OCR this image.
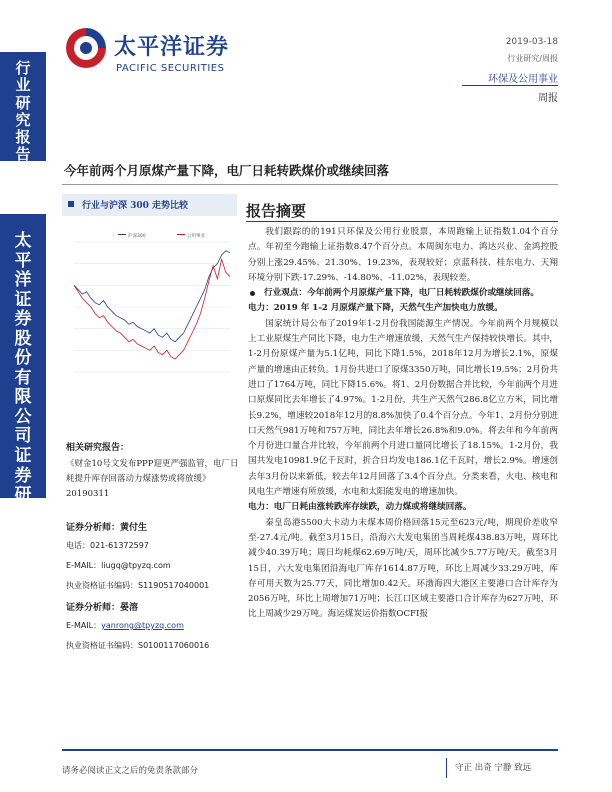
太平洋证券
PACIFIC SECURITIES
2019-03-18
行业研究/周报
环保及公用事业
周报
行业研究报告
太平洋证券股份有限公司证券研究报告
今年前两个月原煤产量下降，电厂日耗转跌煤价或继续回落
行业与沪深 300 走势比较
沪深300	公用事业
报告摘要

我们跟踪的的191只环保及公用行业股票，本周跑输上证指数1.04个百分点。年初至今跑输上证指数8.47个百分点。本周闽东电力、鸿达兴业、金鸿控股分别上涨29.45%、21.30%、19.23%，表现较好；京蓝科技、桂东电力、天翔环境分别下跌-17.29%、-14.80%、-11.02%，表现较差。

行业观点：今年前两个月原煤产量下降，电厂日耗转跌煤价或继续回落。

电力：2019 年 1-2 月原煤产量下降，天然气生产加快电力放缓。

国家统计局公布了2019年1-2月份我国能源生产情况。今年前两个月规模以上工业原煤生产同比下降，电力生产增速放缓，天然气生产保持较快增长。其中，1-2月份原煤产量为5.1亿吨，同比下降1.5%，2018年12月为增长2.1%，原煤产量的增速由正转负。1月份共进口了原煤3350万吨，同比增长19.5%；2月份共进口了1764万吨，同比下降15.6%。将1、2月份数据合并比较，今年前两个月进口原煤同比去年增长了4.97%。1-2月份，共生产天然气286.8亿立方米，同比增长9.2%，增速较2018年12月的8.8%加快了0.4个百分点。今年1、2月份分别进口天然气981万吨和757万吨，同比去年增长26.8%和9.0%。将去年和今年前两个月份进口量合并比较，今年前两个月进口量同比增长了18.15%。1-2月份，我国共发电10981.9亿千瓦时，折合日均发电186.1亿千瓦时，增长2.9%。增速创去年3月份以来新低，较去年12月回落了3.4个百分点。分类来看，火电、核电和风电生产增速有所放缓，水电和太阳能发电的增速加快。

电力：电厂日耗由涨转跌库存续跌，动力煤或将继续回落。

秦皇岛港5500大卡动力末煤本周价格回落15元至623元/吨，期现价差收窄至-27.4元/吨。截至3月15日，沿海六大发电集团当周耗煤438.83万吨，周环比减少40.39万吨；周日均耗煤62.69万吨/天，周环比减少5.77万吨/天。截至3月15日，六大发电集团沿海电厂库存1614.87万吨，环比上周减少33.29万吨，库存可用天数为25.77天，同比增加0.42天。环渤海四大港区主要港口合计库存为2056万吨，环比上周增加71万吨；长江口区域主要港口合计库存为627万吨，环比上周减少29万吨。海运煤炭运价指数OCFI报

相关研究报告：
《财金10号文发布PPP迎更严强监管，电厂日耗提升库存回落动力煤涨势或将放缓》20190311
证券分析师：黄付生
电话：021-61372597
E-MAIL：liugq@tpyzq.com
执业资格证书编码：S1190517040001
证券分析师：晏溶
E-MAIL：yanrong@tpyzq.com
执业资格证书编码：S0100117060016
请务必阅读正文之后的免责条款部分	守正 出奇 宁静 致远
